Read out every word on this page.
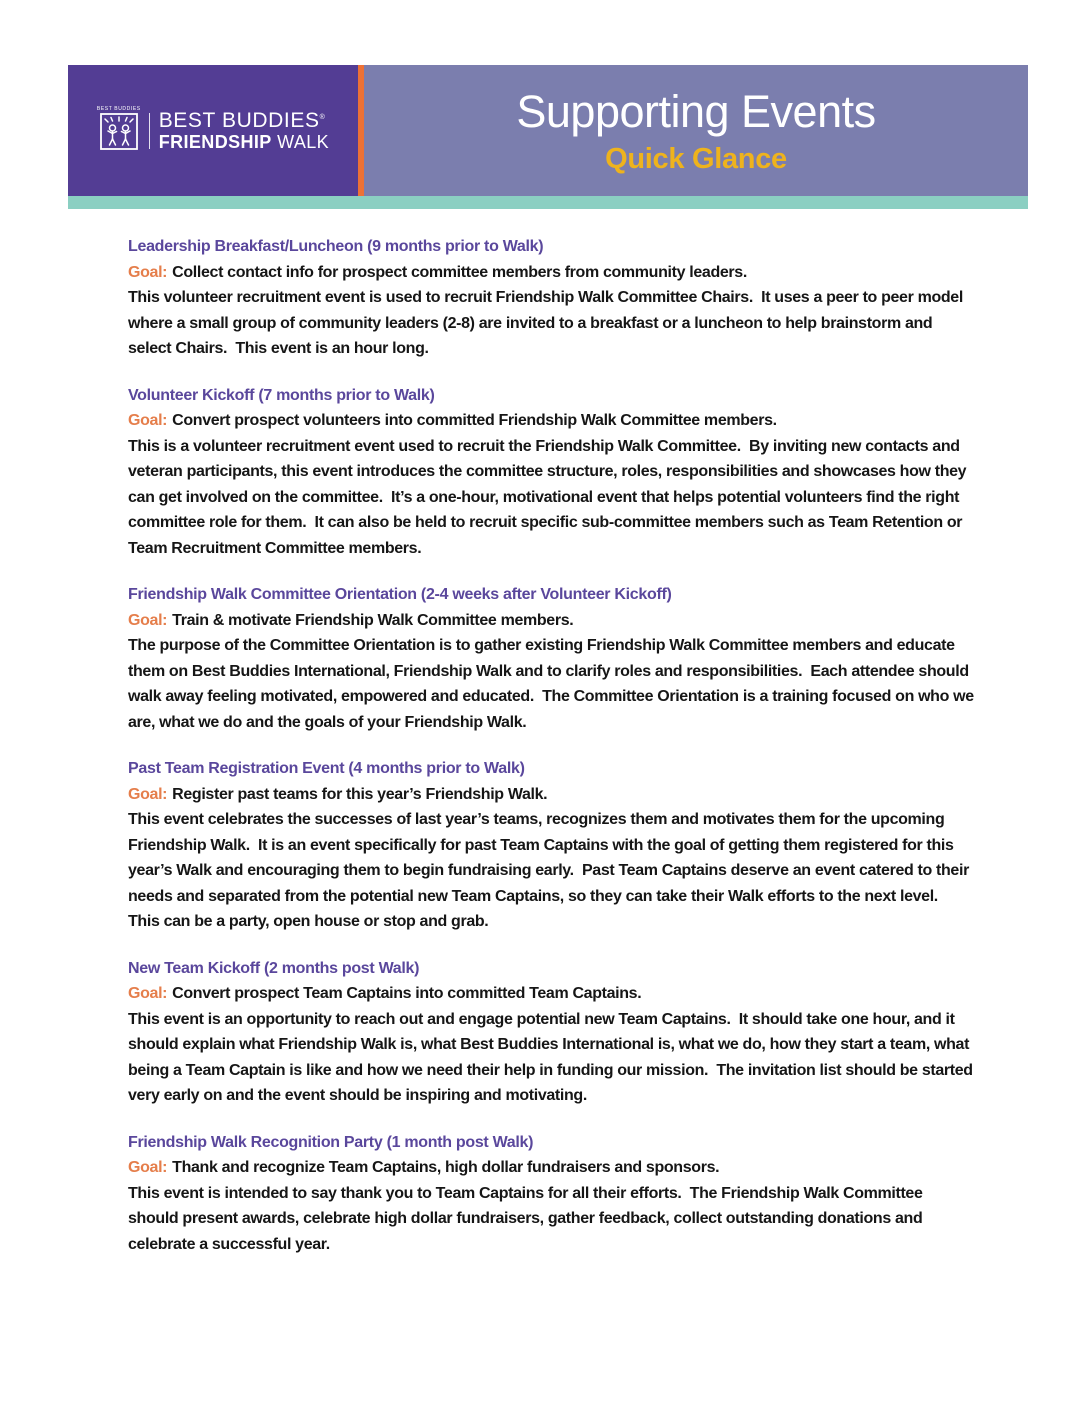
BEST BUDDIES BEST BUDDIES®
FRIENDSHIP WALK
Supporting Events
Quick Glance
Leadership Breakfast/Luncheon (9 months prior to Walk)

Goal: Collect contact info for prospect committee members from community leaders.

This volunteer recruitment event is used to recruit Friendship Walk Committee Chairs.  It uses a peer to peer model where a small group of community leaders (2-8) are invited to a breakfast or a luncheon to help brainstorm and select Chairs.  This event is an hour long.

Volunteer Kickoff (7 months prior to Walk)

Goal: Convert prospect volunteers into committed Friendship Walk Committee members.

This is a volunteer recruitment event used to recruit the Friendship Walk Committee.  By inviting new contacts and veteran participants, this event introduces the committee structure, roles, responsibilities and showcases how they can get involved on the committee.  It’s a one-hour, motivational event that helps potential volunteers find the right committee role for them.  It can also be held to recruit specific sub-committee members such as Team Retention or Team Recruitment Committee members.

Friendship Walk Committee Orientation (2-4 weeks after Volunteer Kickoff)

Goal: Train & motivate Friendship Walk Committee members.

The purpose of the Committee Orientation is to gather existing Friendship Walk Committee members and educate them on Best Buddies International, Friendship Walk and to clarify roles and responsibilities.  Each attendee should walk away feeling motivated, empowered and educated.  The Committee Orientation is a training focused on who we are, what we do and the goals of your Friendship Walk.

Past Team Registration Event (4 months prior to Walk)

Goal: Register past teams for this year’s Friendship Walk.

This event celebrates the successes of last year’s teams, recognizes them and motivates them for the upcoming Friendship Walk.  It is an event specifically for past Team Captains with the goal of getting them registered for this year’s Walk and encouraging them to begin fundraising early.  Past Team Captains deserve an event catered to their needs and separated from the potential new Team Captains, so they can take their Walk efforts to the next level.  This can be a party, open house or stop and grab.

New Team Kickoff (2 months post Walk)

Goal: Convert prospect Team Captains into committed Team Captains.

This event is an opportunity to reach out and engage potential new Team Captains.  It should take one hour, and it should explain what Friendship Walk is, what Best Buddies International is, what we do, how they start a team, what being a Team Captain is like and how we need their help in funding our mission.  The invitation list should be started very early on and the event should be inspiring and motivating.

Friendship Walk Recognition Party (1 month post Walk)

Goal: Thank and recognize Team Captains, high dollar fundraisers and sponsors.

This event is intended to say thank you to Team Captains for all their efforts.  The Friendship Walk Committee should present awards, celebrate high dollar fundraisers, gather feedback, collect outstanding donations and celebrate a successful year.
